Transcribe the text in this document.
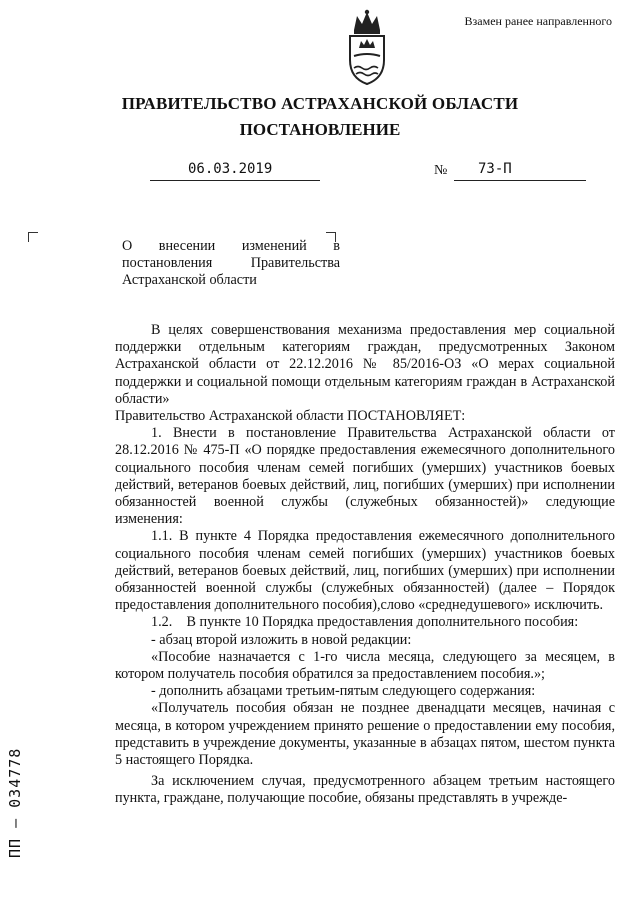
Взамен ранее направленного
ПРАВИТЕЛЬСТВО АСТРАХАНСКОЙ ОБЛАСТИ
ПОСТАНОВЛЕНИЕ
06.03.2019	№ 73-П
О внесении изменений в постановления Правительства Астраханской области

В целях совершенствования механизма предоставления мер социальной поддержки отдельным категориям граждан, предусмотренных Законом Астраханской области от 22.12.2016 № 85/2016-ОЗ «О мерах социальной поддержки и социальной помощи отдельным категориям граждан в Астраханской области»

Правительство Астраханской области ПОСТАНОВЛЯЕТ:

1. Внести в постановление Правительства Астраханской области от 28.12.2016 № 475-П «О порядке предоставления ежемесячного дополнительного социального пособия членам семей погибших (умерших) участников боевых действий, ветеранов боевых действий, лиц, погибших (умерших) при исполнении обязанностей военной службы (служебных обязанностей)» следующие изменения:

1.1. В пункте 4 Порядка предоставления ежемесячного дополнительного социального пособия членам семей погибших (умерших) участников боевых действий, ветеранов боевых действий, лиц, погибших (умерших) при исполнении обязанностей военной службы (служебных обязанностей) (далее – Порядок предоставления дополнительного пособия),слово «среднедушевого» исключить.

1.2.    В пункте 10 Порядка предоставления дополнительного пособия:

- абзац второй изложить в новой редакции:

«Пособие назначается с 1-го числа месяца, следующего за месяцем, в котором получатель пособия обратился за предоставлением пособия.»;

- дополнить абзацами третьим-пятым следующего содержания:

«Получатель пособия обязан не позднее двенадцати месяцев, начиная с месяца, в котором учреждением принято решение о предоставлении ему пособия, представить в учреждение документы, указанные в абзацах пятом, шестом пункта 5 настоящего Порядка.

За исключением случая, предусмотренного абзацем третьим настоящего пункта, граждане, получающие пособие, обязаны представлять в учрежде-

ПП – 034778
